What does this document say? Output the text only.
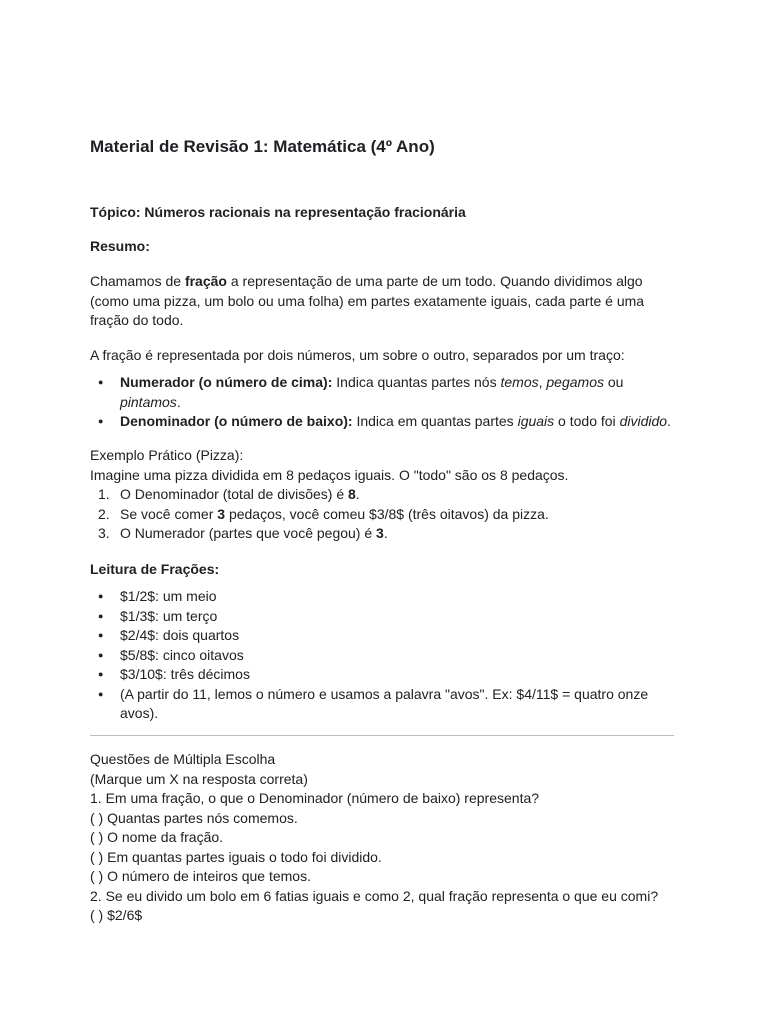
Material de Revisão 1: Matemática (4º Ano)
Tópico: Números racionais na representação fracionária
Resumo:

Chamamos de fração a representação de uma parte de um todo. Quando dividimos algo (como uma pizza, um bolo ou uma folha) em partes exatamente iguais, cada parte é uma fração do todo.

A fração é representada por dois números, um sobre o outro, separados por um traço:

● Numerador (o número de cima): Indica quantas partes nós temos, pegamos ou pintamos.
● Denominador (o número de baixo): Indica em quantas partes iguais o todo foi dividido.
Exemplo Prático (Pizza):
Imagine uma pizza dividida em 8 pedaços iguais. O "todo" são os 8 pedaços.
1. O Denominador (total de divisões) é 8.
2. Se você comer 3 pedaços, você comeu $3/8$ (três oitavos) da pizza.
3. O Numerador (partes que você pegou) é 3.
Leitura de Frações:
● $1/2$: um meio
● $1/3$: um terço
● $2/4$: dois quartos
● $5/8$: cinco oitavos
● $3/10$: três décimos
● (A partir do 11, lemos o número e usamos a palavra "avos". Ex: $4/11$ = quatro onze avos).
Questões de Múltipla Escolha
(Marque um X na resposta correta)
1. Em uma fração, o que o Denominador (número de baixo) representa?
( ) Quantas partes nós comemos.
( ) O nome da fração.
( ) Em quantas partes iguais o todo foi dividido.
( ) O número de inteiros que temos.
2. Se eu divido um bolo em 6 fatias iguais e como 2, qual fração representa o que eu comi?
( ) $2/6$
